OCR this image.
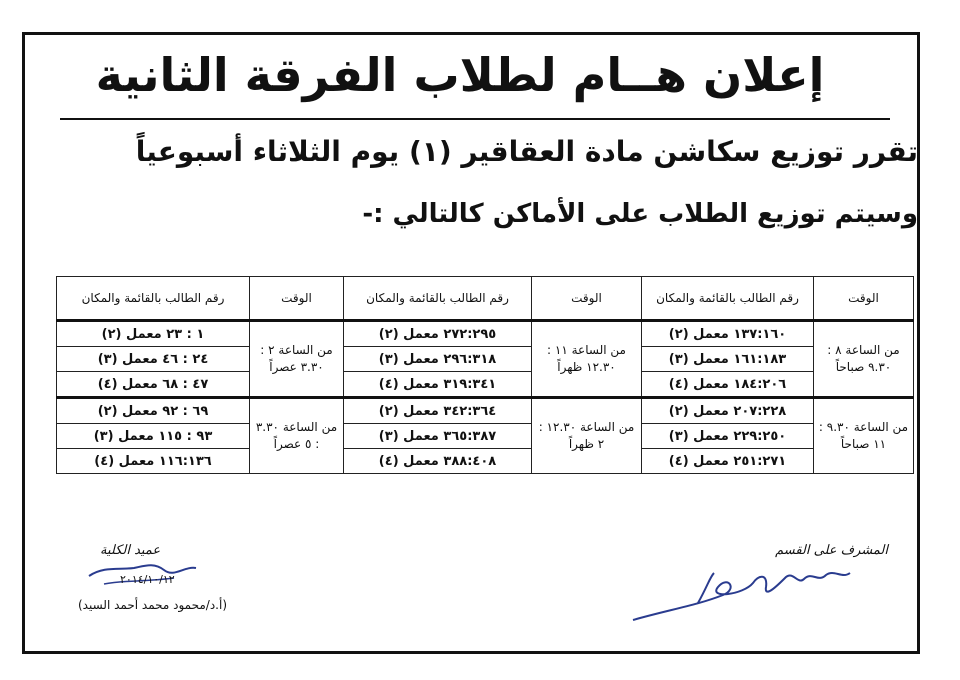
إعلان هــام لطلاب الفرقة الثانية
تقرر توزيع سكاشن مادة العقاقير (١) يوم الثلاثاء أسبوعياً
وسيتم توزيع الطلاب على الأماكن كالتالي :-
الوقت	رقم الطالب بالقائمة والمكان	الوقت	رقم الطالب بالقائمة والمكان	الوقت	رقم الطالب بالقائمة والمكان
من الساعة ٨ : ٩.٣٠ صباحاً	١٣٧:١٦٠ معمل (٢)	من الساعة ١١ : ١٢.٣٠ ظهراً	٢٧٢:٢٩٥ معمل (٢)	من الساعة ٢ : ٣.٣٠ عصراً	١ : ٢٣ معمل (٢)
	١٦١:١٨٣ معمل (٣)		٢٩٦:٣١٨ معمل (٣)		٢٤ : ٤٦ معمل (٣)
	١٨٤:٢٠٦ معمل (٤)		٣١٩:٣٤١ معمل (٤)		٤٧ : ٦٨ معمل (٤)
من الساعة ٩.٣٠ : ١١ صباحاً	٢٠٧:٢٢٨ معمل (٢)	من الساعة ١٢.٣٠ : ٢ ظهراً	٣٤٢:٣٦٤ معمل (٢)	من الساعة ٣.٣٠ : ٥ عصراً	٦٩ : ٩٢ معمل (٢)
	٢٢٩:٢٥٠ معمل (٣)		٣٦٥:٣٨٧ معمل (٣)		٩٣ : ١١٥ معمل (٣)
	٢٥١:٢٧١ معمل (٤)		٣٨٨:٤٠٨ معمل (٤)		١١٦:١٣٦ معمل (٤)
المشرف على القسم
عميد الكلية
٢٠١٤/١٠/١٢
(أ.د/محمود محمد أحمد السيد)
